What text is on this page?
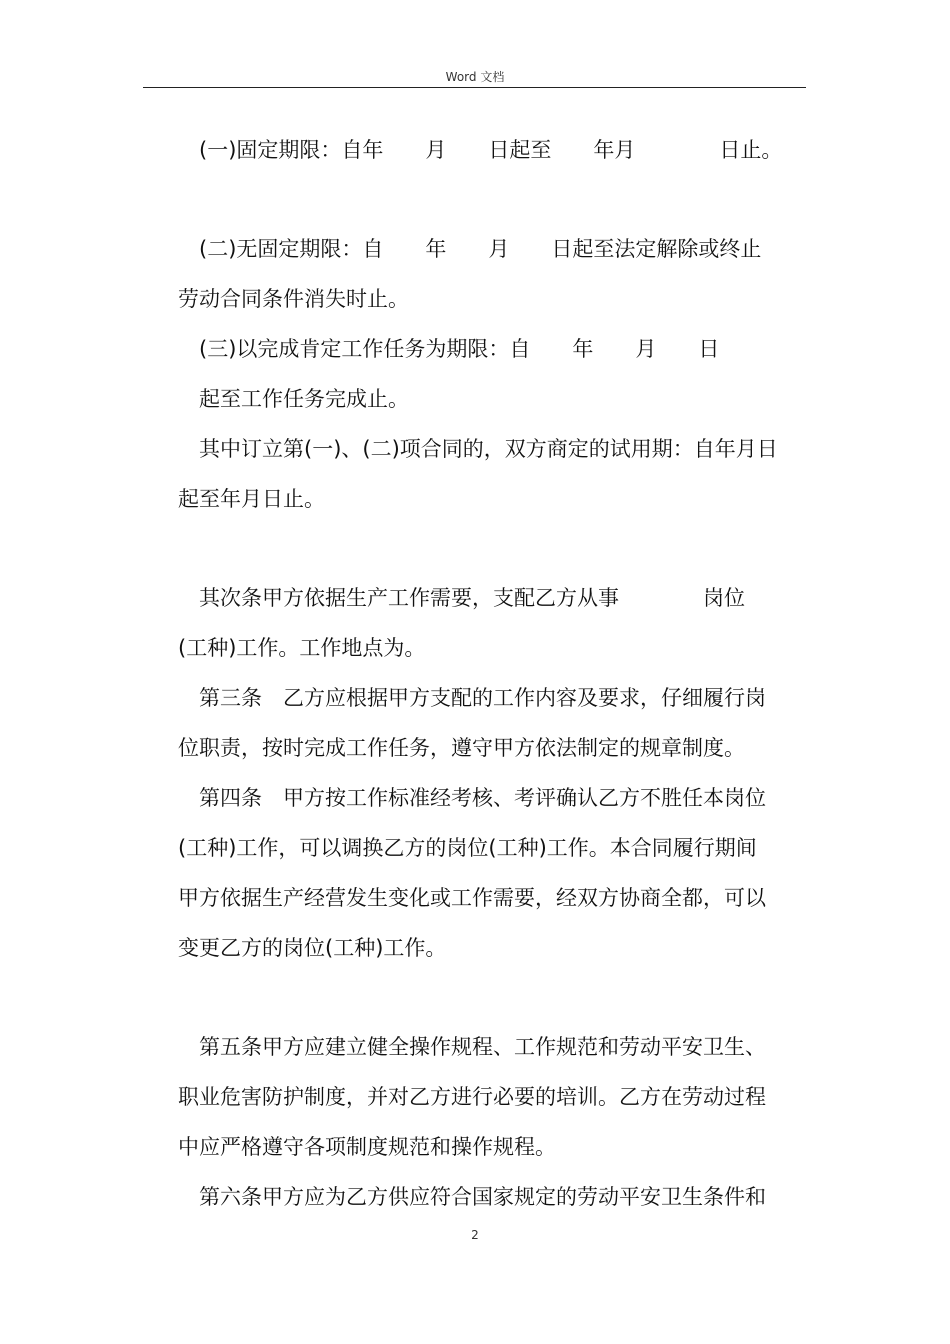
Word 文档
(一)固定期限：自年　　月　　日起至　　年月　　　　日止。
(二)无固定期限：自　　年　　月　　日起至法定解除或终止
劳动合同条件消失时止。
(三)以完成肯定工作任务为期限：自　　年　　月　　日
起至工作任务完成止。
其中订立第(一)、(二)项合同的，双方商定的试用期：自年月日
起至年月日止。
其次条甲方依据生产工作需要，支配乙方从事　　　　岗位
(工种)工作。工作地点为。
第三条　乙方应根据甲方支配的工作内容及要求，仔细履行岗
位职责，按时完成工作任务，遵守甲方依法制定的规章制度。
第四条　甲方按工作标准经考核、考评确认乙方不胜任本岗位
(工种)工作，可以调换乙方的岗位(工种)工作。本合同履行期间
甲方依据生产经营发生变化或工作需要，经双方协商全都，可以
变更乙方的岗位(工种)工作。
第五条甲方应建立健全操作规程、工作规范和劳动平安卫生、
职业危害防护制度，并对乙方进行必要的培训。乙方在劳动过程
中应严格遵守各项制度规范和操作规程。
第六条甲方应为乙方供应符合国家规定的劳动平安卫生条件和
2
